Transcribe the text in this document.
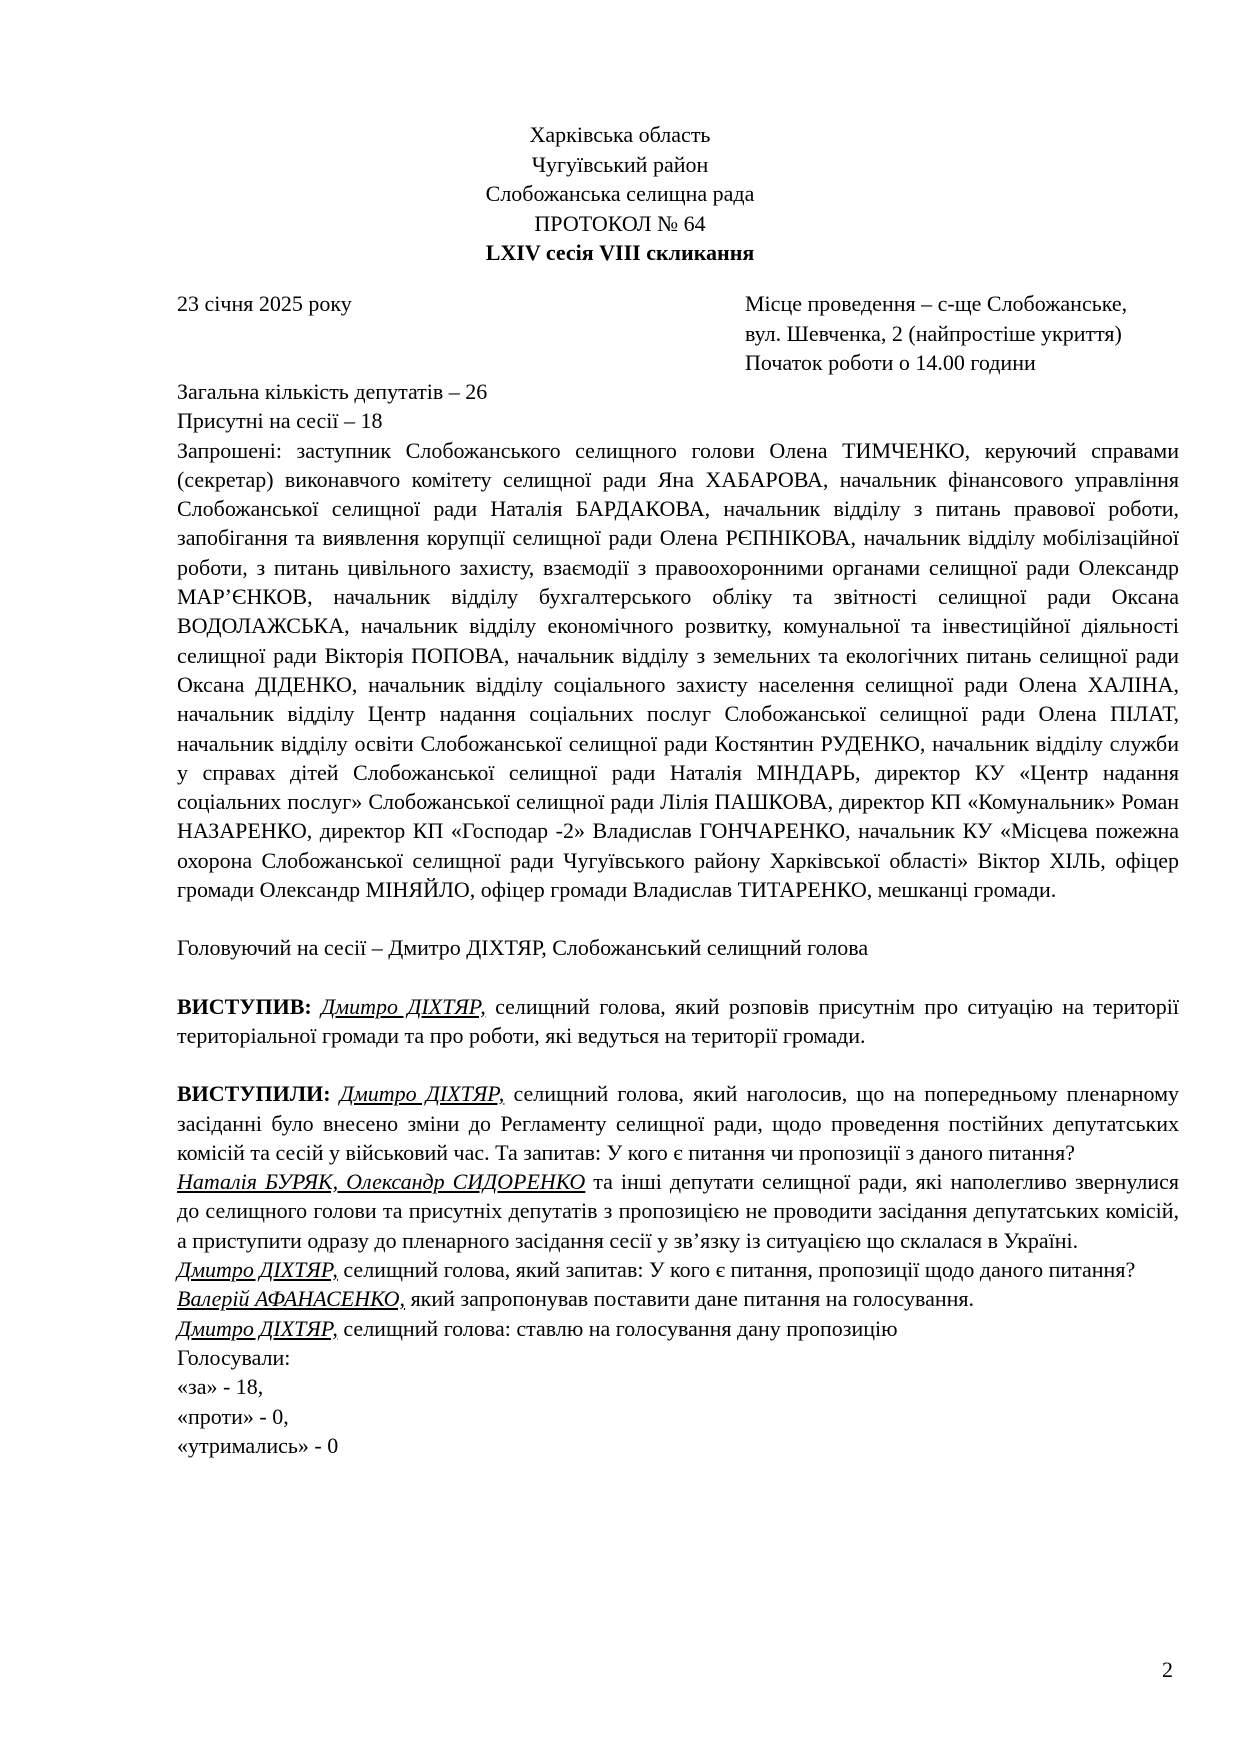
Харківська область
Чугуївський район
Слобожанська селищна рада
ПРОТОКОЛ № 64
LXIV сесія VIІІ скликання
23 січня 2025 року	Місце проведення – с-ще Слобожанське,
вул. Шевченка, 2 (найпростіше укриття)
Початок роботи о 14.00 години

Загальна кількість депутатів – 26

Присутні на сесії – 18

Запрошені: заступник Слобожанського селищного голови Олена ТИМЧЕНКО, керуючий справами (секретар) виконавчого комітету селищної ради Яна ХАБАРОВА, начальник фінансового управління Слобожанської селищної ради Наталія БАРДАКОВА, начальник відділу з питань правової роботи, запобігання та виявлення корупції селищної ради Олена РЄПНІКОВА, начальник відділу мобілізаційної роботи, з питань цивільного захисту, взаємодії з правоохоронними органами селищної ради Олександр МАР’ЄНКОВ, начальник відділу бухгалтерського обліку та звітності селищної ради Оксана ВОДОЛАЖСЬКА, начальник відділу економічного розвитку, комунальної та інвестиційної діяльності селищної ради Вікторія ПОПОВА, начальник відділу з земельних та екологічних питань селищної ради Оксана ДІДЕНКО, начальник відділу соціального захисту населення селищної ради Олена ХАЛІНА, начальник відділу Центр надання соціальних послуг Слобожанської селищної ради Олена ПІЛАТ, начальник відділу освіти Слобожанської селищної ради Костянтин РУДЕНКО, начальник відділу служби у справах дітей Слобожанської селищної ради Наталія МІНДАРЬ, директор КУ «Центр надання соціальних послуг» Слобожанської селищної ради Лілія ПАШКОВА, директор КП «Комунальник» Роман НАЗАРЕНКО, директор КП «Господар -2» Владислав ГОНЧАРЕНКО, начальник КУ «Місцева пожежна охорона Слобожанської селищної ради Чугуївського району Харківської області» Віктор ХІЛЬ, офіцер громади Олександр МІНЯЙЛО, офіцер громади Владислав ТИТАРЕНКО, мешканці громади.

Головуючий на сесії – Дмитро ДІХТЯР, Слобожанський селищний голова

ВИСТУПИВ: Дмитро ДІХТЯР, селищний голова, який розповів присутнім про ситуацію на території територіальної громади та про роботи, які ведуться на території громади.

ВИСТУПИЛИ: Дмитро ДІХТЯР, селищний голова, який наголосив, що на попередньому пленарному засіданні було внесено зміни до Регламенту селищної ради, щодо проведення постійних депутатських комісій та сесій у військовий час. Та запитав: У кого є питання чи пропозиції з даного питання?

Наталія БУРЯК, Олександр СИДОРЕНКО та інші депутати селищної ради, які наполегливо звернулися до селищного голови та присутніх депутатів з пропозицією не проводити засідання депутатських комісій, а приступити одразу до пленарного засідання сесії у зв’язку із ситуацією що склалася в Україні.

Дмитро ДІХТЯР, селищний голова, який запитав: У кого є питання, пропозиції щодо даного питання?

Валерій АФАНАСЕНКО, який запропонував поставити дане питання на голосування.

Дмитро ДІХТЯР, селищний голова: ставлю на голосування дану пропозицію

Голосували:

«за» - 18,

«проти» - 0,

«утримались» - 0

2
